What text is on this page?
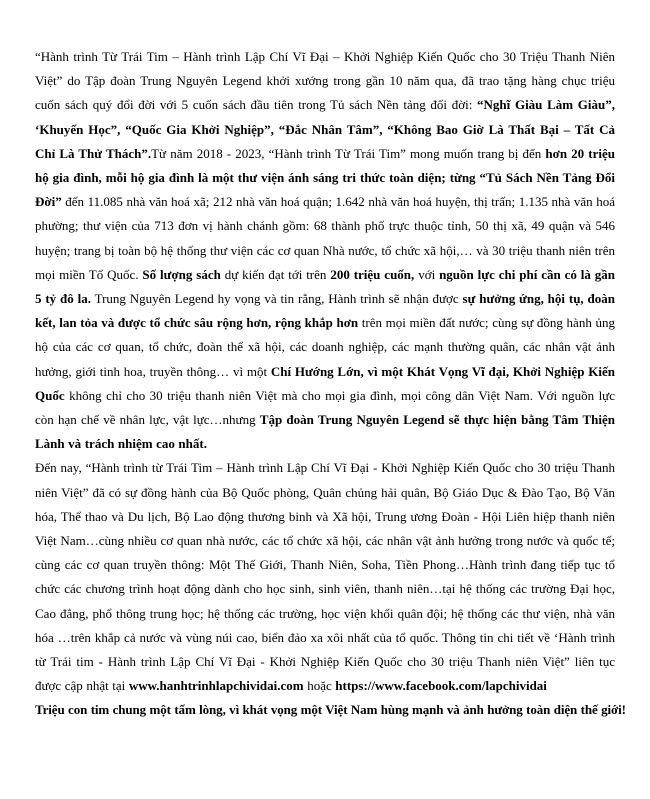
“Hành trình Từ Trái Tim – Hành trình Lập Chí Vĩ Đại – Khởi Nghiệp Kiến Quốc cho 30 Triệu Thanh Niên Việt” do Tập đoàn Trung Nguyên Legend khởi xướng trong gần 10 năm qua, đã trao tặng hàng chục triệu cuốn sách quý đổi đời với 5 cuốn sách đầu tiên trong Tủ sách Nền tảng đổi đời: “Nghĩ Giàu Làm Giàu”, ‘Khuyến Học”, “Quốc Gia Khởi Nghiệp”, “Đắc Nhân Tâm”, “Không Bao Giờ Là Thất Bại – Tất Cả Chỉ Là Thử Thách”.Từ năm 2018 - 2023, “Hành trình Từ Trái Tim” mong muốn trang bị đến hơn 20 triệu hộ gia đình, mỗi hộ gia đình là một thư viện ánh sáng tri thức toàn diện; từng “Tủ Sách Nền Tảng Đổi Đời” đến 11.085 nhà văn hoá xã; 212 nhà văn hoá quận; 1.642 nhà văn hoá huyện, thị trấn; 1.135 nhà văn hoá phường; thư viện của 713 đơn vị hành chánh gồm: 68 thành phố trực thuộc tỉnh, 50 thị xã, 49 quận và 546 huyện; trang bị toàn bộ hệ thống thư viện các cơ quan Nhà nước, tổ chức xã hội,… và 30 triệu thanh niên trên mọi miền Tổ Quốc. Số lượng sách dự kiến đạt tới trên 200 triệu cuốn, với nguồn lực chi phí cần có là gần 5 tỷ đô la. Trung Nguyên Legend hy vọng và tin rằng, Hành trình sẽ nhận được sự hưởng ứng, hội tụ, đoàn kết, lan tỏa và được tổ chức sâu rộng hơn, rộng khắp hơn trên mọi miền đất nước; cùng sự đồng hành ủng hộ của các cơ quan, tổ chức, đoàn thể xã hội, các doanh nghiệp, các mạnh thường quân, các nhân vật ảnh hưởng, giới tinh hoa, truyền thông… vì một Chí Hướng Lớn, vì một Khát Vọng Vĩ đại, Khởi Nghiệp Kiến Quốc không chỉ cho 30 triệu thanh niên Việt mà cho mọi gia đình, mọi công dân Việt Nam. Với nguồn lực còn hạn chế về nhân lực, vật lực…nhưng Tập đoàn Trung Nguyên Legend sẽ thực hiện bằng Tâm Thiện Lành và trách nhiệm cao nhất.

Đến nay, “Hành trình từ Trái Tim – Hành trình Lập Chí Vĩ Đại - Khởi Nghiệp Kiến Quốc cho 30 triệu Thanh niên Việt” đã có sự đồng hành của Bộ Quốc phòng, Quân chủng hải quân, Bộ Giáo Dục & Đào Tạo, Bộ Văn hóa, Thể thao và Du lịch, Bộ Lao động thương binh và Xã hội, Trung ương Đoàn - Hội Liên hiệp thanh niên Việt Nam…cùng nhiều cơ quan nhà nước, các tổ chức xã hội, các nhân vật ảnh hưởng trong nước và quốc tế; cùng các cơ quan truyền thông: Một Thế Giới, Thanh Niên, Soha, Tiền Phong…Hành trình đang tiếp tục tổ chức các chương trình hoạt động dành cho học sinh, sinh viên, thanh niên…tại hệ thống các trường Đại học, Cao đẳng, phổ thông trung học; hệ thống các trường, học viện khối quân đội; hệ thống các thư viện, nhà văn hóa …trên khắp cả nước và vùng núi cao, biển đảo xa xôi nhất của tổ quốc. Thông tin chi tiết về ‘Hành trình từ Trái tim - Hành trình Lập Chí Vĩ Đại - Khởi Nghiệp Kiến Quốc cho 30 triệu Thanh niên Việt” liên tục được cập nhật tại www.hanhtrinhlapchividai.com hoặc https://www.facebook.com/lapchividai

Triệu con tim chung một tấm lòng, vì khát vọng một Việt Nam hùng mạnh và ảnh hưởng toàn diện thế giới!
